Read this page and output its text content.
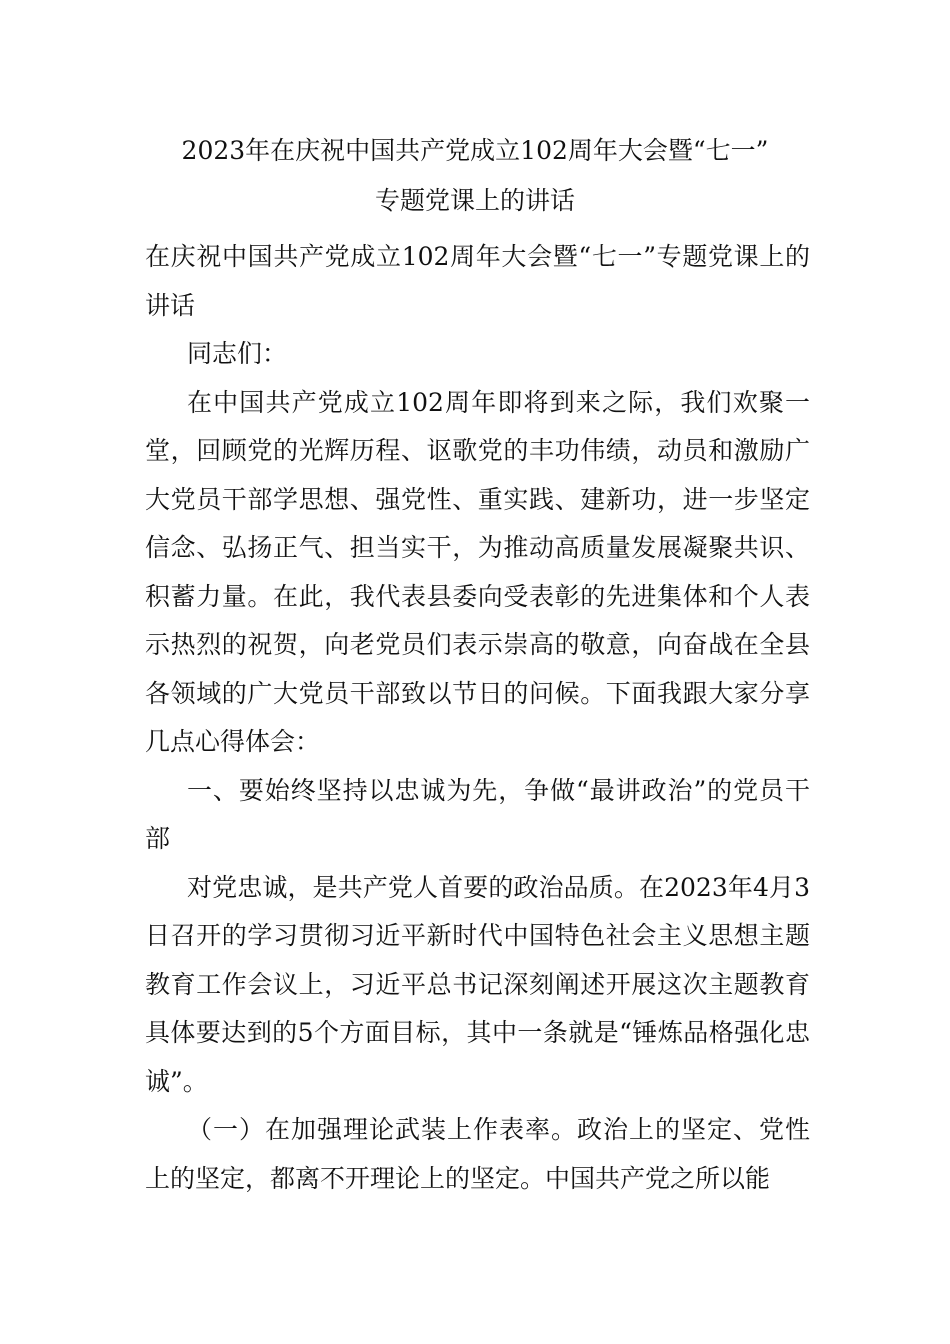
2023年在庆祝中国共产党成立102周年大会暨“七一”
专题党课上的讲话

在庆祝中国共产党成立102周年大会暨“七一”专题党课上的讲话

同志们：

在中国共产党成立102周年即将到来之际，我们欢聚一堂，回顾党的光辉历程、讴歌党的丰功伟绩，动员和激励广大党员干部学思想、强党性、重实践、建新功，进一步坚定信念、弘扬正气、担当实干，为推动高质量发展凝聚共识、积蓄力量。在此，我代表县委向受表彰的先进集体和个人表示热烈的祝贺，向老党员们表示崇高的敬意，向奋战在全县各领域的广大党员干部致以节日的问候。下面我跟大家分享几点心得体会：

一、要始终坚持以忠诚为先，争做“最讲政治”的党员干部

对党忠诚，是共产党人首要的政治品质。在2023年4月3日召开的学习贯彻习近平新时代中国特色社会主义思想主题教育工作会议上，习近平总书记深刻阐述开展这次主题教育具体要达到的5个方面目标，其中一条就是“锤炼品格强化忠诚”。

（一）在加强理论武装上作表率。政治上的坚定、党性上的坚定，都离不开理论上的坚定。中国共产党之所以能
